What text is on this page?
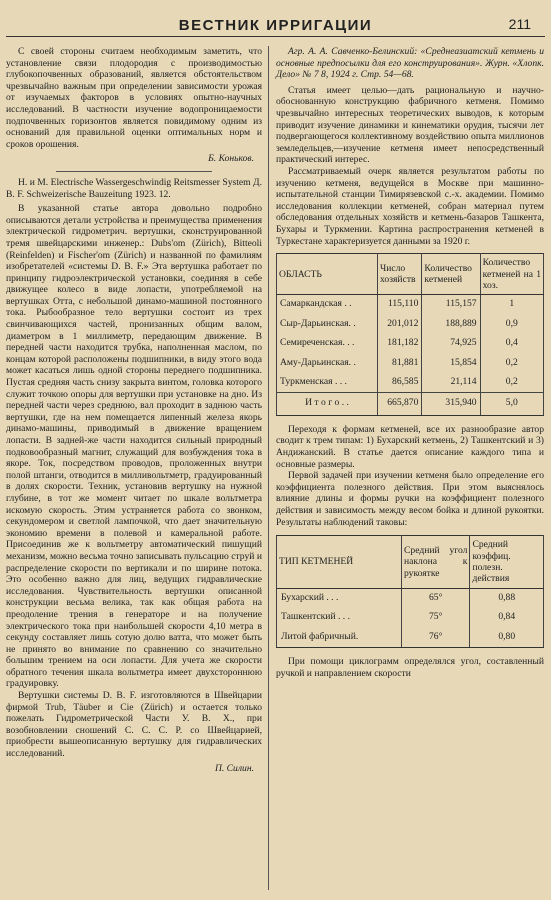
ВЕСТНИК ИРРИГАЦИИ	211

С своей стороны считаем необходимым заметить, что установление связи плодородия с производимостью глубокопочвенных образований, является обстоятельством чрезвычайно важным при определении зависимости урожая от изучаемых факторов в условиях опытно-научных исследований. В частности изучение водопроницаемости подпочвенных горизонтов является повидимому одним из оснований для правильной оценки оптимальных норм и сроков орошения.

Б. Коньков.

H. и M. Electrische Wassergeschwindig Reitsmesser System Д. В. F. Schweizerische Bauzeitung 1923. 12.

В указанной статье автора довольно подробно описываются детали устройства и преимущества применения электрической гидрометрич. вертушки, сконструированной тремя швейцарскими инженер.: Dubs'om (Zürich), Bitteoli (Reinfelden) и Fischer'om (Zürich) и названной по фамилиям изобретателей «системы D. B. F.» Эта вертушка работает по принципу гидроэлектрической установки, соединяя в себе движущее колесо в виде лопасти, употребляемой на вертушках Отта, с небольшой динамо-машиной постоянного тока. Рыбообразное тело вертушки состоит из трех свинчивающихся частей, пронизанных общим валом, диаметром в 1 миллиметр, передающим движение. В передней части находится трубка, наполненная маслом, по концам которой расположены подшипники, в виду этого вода может касаться лишь одной стороны переднего подшипника. Пустая средняя часть снизу закрыта винтом, головка которого служит точкою опоры для вертушки при установке на дно. Из передней части через среднюю, вал проходит в заднюю часть вертушки, где на нем помещается липенный железа якорь динамо-машины, приводимый в движение вращением лопасти. В задней-же части находится сильный природный подковообразный магнит, служащий для возбуждения тока в якоре. Ток, посредством проводов, проложенных внутри полой штанги, отводится в милливольтметр, градуированный в долях скорости. Техник, установив вертушку на нужной глубине, в тот же момент читает по шкале вольтметра искомую скорость. Этим устраняется работа со звонком, секундомером и светлой лампочкой, что дает значительную экономию времени в полевой и камеральной работе. Присоединив же к вольтметру автоматический пишущий механизм, можно весьма точно записывать пульсацию струй и распределение скорости по вертикали и по ширине потока. Это особенно важно для лиц, ведущих гидравлические исследования. Чувствительность вертушки описанной конструкции весьма велика, так как общая работа на преодоление трения в генераторе и на получение электрического тока при наибольшей скорости 4,10 метра в секунду составляет лишь сотую долю ватта, что может быть не принято во внимание по сравнению со значительно большим трением на оси лопасти. Для учета же скорости обратного течения шкала вольтметра имеет двухстороннюю градуировку.

Вертушки системы D. B. F. изготовляются в Швейцарии фирмой Trub, Täuber и Cie (Zürich) и остается только пожелать Гидрометрической Части У. В. Х., при возобновлении сношений С. С. С. Р. со Швейцарией, приобрести вышеописанную вертушку для гидравлических исследований.

П. Силин.

Агр. А. А. Савченко-Белинский: «Среднеазиатский кетмень и основные предпосылки для его конструирования». Журн. «Хлопк. Дело» № 7 8, 1924 г. Стр. 54—68.

Статья имеет целью—дать рациональную и научно-обоснованную конструкцию фабричного кетменя. Помимо чрезвычайно интересных теоретических выводов, к которым приводит изучение динамики и кинематики орудия, тысячи лет подвергающегося коллективному воздействию опыта миллионов земледельцев,—изучение кетменя имеет непосредственный практический интерес.

Рассматриваемый очерк является результатом работы по изучению кетменя, ведущейся в Москве при машинно-испытательной станции Тимирязевской с.-х. академии. Помимо исследования коллекции кетменей, собран материал путем обследования отдельных хозяйств и кетмень-базаров Ташкента, Бухары и Туркмении. Картина распространения кетменей в Туркестане характеризуется данными за 1920 г.

ОБЛАСТЬ	Число хозяйств	Количество кетменей	Количество кетменей на 1 хоз.
Самаркандская . .	115,110	115,157	1
Сыр-Дарьинская. .	201,012	188,889	0,9
Семиреченская. . .	181,182	74,925	0,4
Аму-Дарьинская. .	81,881	15,854	0,2
Туркменская . . .	86,585	21,114	0,2
И т о г о . .	665,870	315,940	5,0

Переходя к формам кетменей, все их разнообразие автор сводит к трем типам: 1) Бухарский кетмень, 2) Ташкентский и 3) Андижанский. В статье дается описание каждого типа и основные размеры.

Первой задачей при изучении кетменя было определение его коэффициента полезного действия. При этом выяснялось влияние длины и формы ручки на коэффициент полезного действия и зависимость между весом бойка и длиной рукоятки. Результаты наблюдений таковы:

ТИП КЕТМЕНЕЙ	Средний угол наклона к рукоятке	Средний коэффиц. полезн. действия
Бухарский . . .	65°	0,88
Ташкентский . . .	75°	0,84
Литой фабричный.	76°	0,80

При помощи циклограмм определялся угол, составленный ручкой и направлением скорости
